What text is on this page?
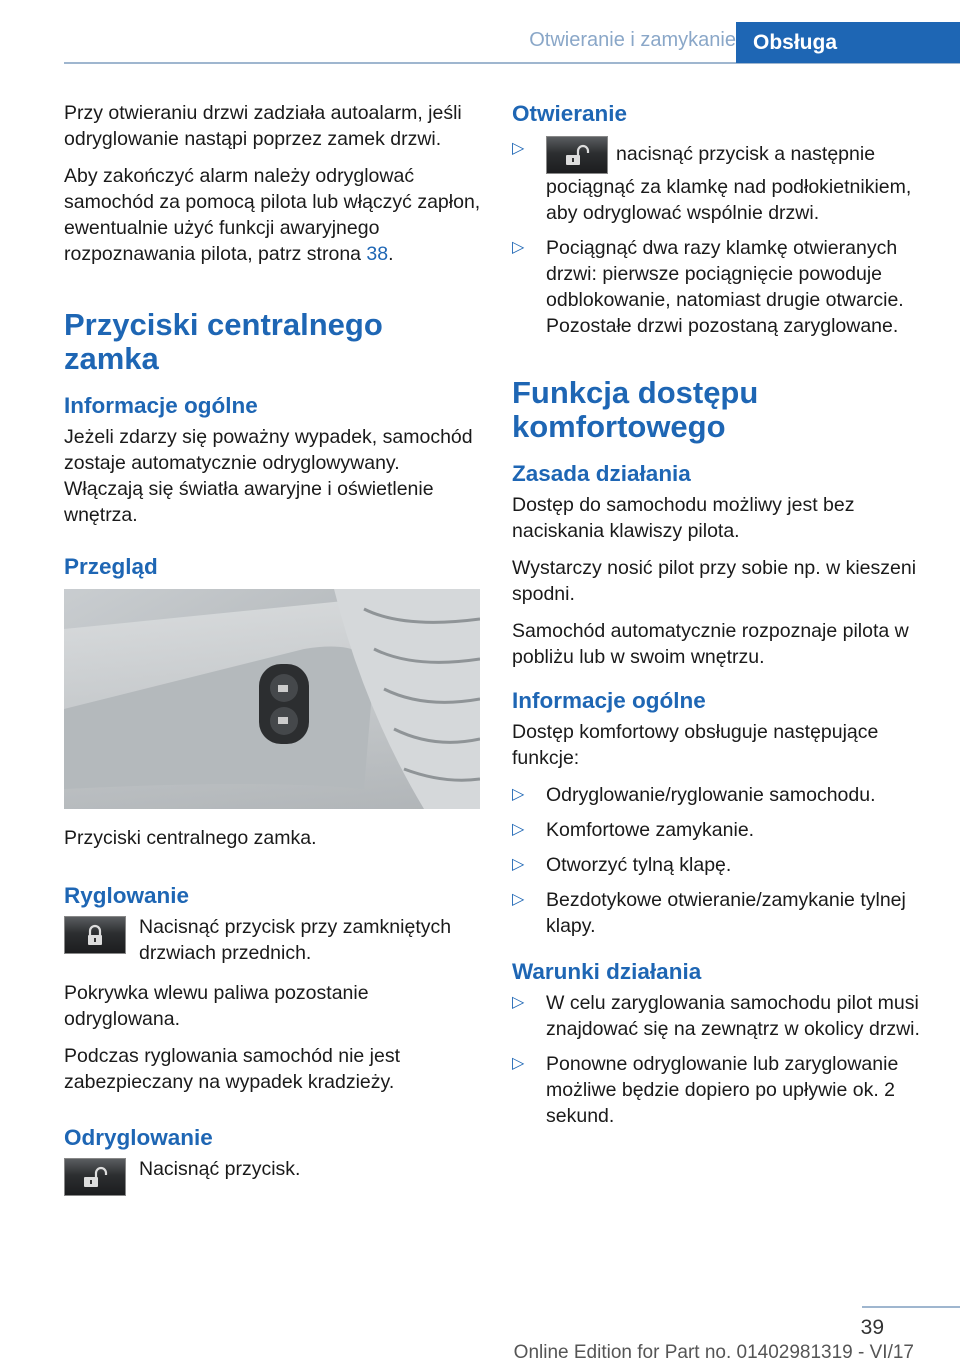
Otwieranie i zamykanie Obsługa

Przy otwieraniu drzwi zadziała autoalarm, jeśli odryglowanie nastąpi poprzez zamek drzwi.

Aby zakończyć alarm należy odryglować samochód za pomocą pilota lub włączyć zapłon, ewentualnie użyć funkcji awaryjnego rozpoznawania pilota, patrz strona 38.

Przyciski centralnego zamka
Informacje ogólne

Jeżeli zdarzy się poważny wypadek, samochód zostaje automatycznie odryglowywany. Włączają się światła awaryjne i oświetlenie wnętrza.

Przegląd

Przyciski centralnego zamka.

Ryglowanie

Nacisnąć przycisk przy zamkniętych drzwiach przednich.

Pokrywka wlewu paliwa pozostanie odryglowana.

Podczas ryglowania samochód nie jest zabezpieczany na wypadek kradzieży.

Odryglowanie

Nacisnąć przycisk.

Otwieranie
▷	nacisnąć przycisk a następnie pociągnąć za klamkę nad podłokietnikiem, aby odryglować wspólnie drzwi.
▷ Pociągnąć dwa razy klamkę otwieranych drzwi: pierwsze pociągnięcie powoduje odblokowanie, natomiast drugie otwarcie. Pozostałe drzwi pozostaną zaryglowane.
Funkcja dostępu komfortowego
Zasada działania

Dostęp do samochodu możliwy jest bez naciskania klawiszy pilota.

Wystarczy nosić pilot przy sobie np. w kieszeni spodni.

Samochód automatycznie rozpoznaje pilota w pobliżu lub w swoim wnętrzu.

Informacje ogólne

Dostęp komfortowy obsługuje następujące funkcje:

▷ Odryglowanie/ryglowanie samochodu.
▷ Komfortowe zamykanie.
▷ Otworzyć tylną klapę.
▷ Bezdotykowe otwieranie/zamykanie tylnej klapy.
Warunki działania
▷ W celu zaryglowania samochodu pilot musi znajdować się na zewnątrz w okolicy drzwi.
▷ Ponowne odryglowanie lub zaryglowanie możliwe będzie dopiero po upływie ok. 2 sekund.
39
Online Edition for Part no. 01402981319 - VI/17
